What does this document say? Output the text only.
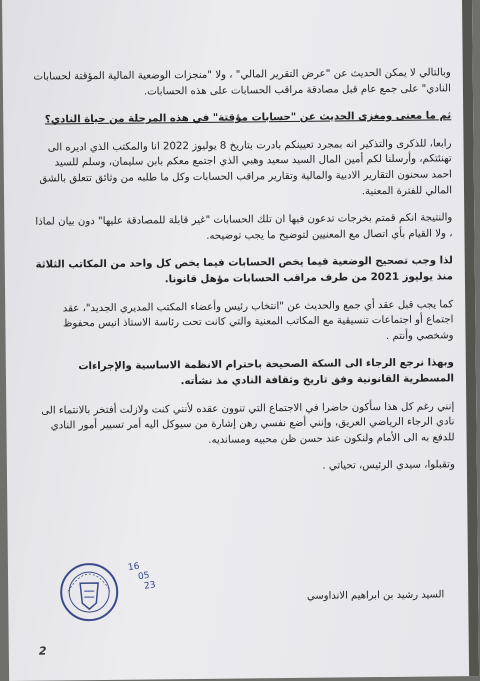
وبالتالي لا يمكن الحديث عن "عرض التقرير المالي" ، ولا "منجزات الوضعية المالية المؤقتة لحسابات النادي" على جمع عام قبل مصادقة مراقب الحسابات على هذه الحسابات.

ثم ما معنى ومغزى الحديث عن "حسابات مؤقتة" في هذه المرحلة من حياة النادي؟

رابعا، للذكرى والتذكير انه بمجرد تعيينكم بادرت بتاريخ 8 يوليوز 2022 انا والمكتب الذي اديره الى تهنئتكم، وأرسلنا لكم أمين المال السيد سعيد وهبي الذي اجتمع معكم بابن سليمان، وسلم للسيد احمد سحنون التقارير الادبية والمالية وتقارير مراقب الحسابات وكل ما طلبه من وثائق تتعلق بالشق المالي للفترة المعنية.

والنتيجة انكم قمتم بخرجات تدعون فيها ان تلك الحسابات "غير قابلة للمصادقة عليها" دون بيان لماذا ، ولا القيام بأي اتصال مع المعنيين لتوضيح ما يجب توضيحه.

لذا وجب تصحيح الوضعية فيما يخص الحسابات فيما يخص كل واحد من المكاتب الثلاثة منذ يوليوز 2021 من طرف مراقب الحسابات مؤهل قانونا.

كما يجب قبل عقد أي جمع والحديث عن "انتخاب رئيس وأعضاء المكتب المديري الجديد"، عقد اجتماع أو اجتماعات تنسيقية مع المكاتب المعنية والتي كانت تحت رئاسة الاستاذ انيس محفوظ وشخصي وأنتم .

وبهذا نرجع الرجاء الى السكة الصحيحة باحترام الانظمة الاساسية والإجراءات المسطرية القانونية وفق تاريخ وثقافة النادي مذ نشأته.

إنني رغم كل هذا سأكون حاضرا في الاجتماع التي تنوون عقده لأنني كنت ولازلت أفتخر بالانتماء الى نادي الرجاء الرياضي العريق، وإنني أضع نفسي رهن إشارة من سيوكل اليه أمر تسيير أمور النادي للدفع به الى الأمام ولنكون عند حسن ظن محبيه ومسانديه.

وتقبلوا، سيدي الرئيس، تحياتي .

السيد رشيد بن ابراهيم الانداوسي
16
05
23
2
